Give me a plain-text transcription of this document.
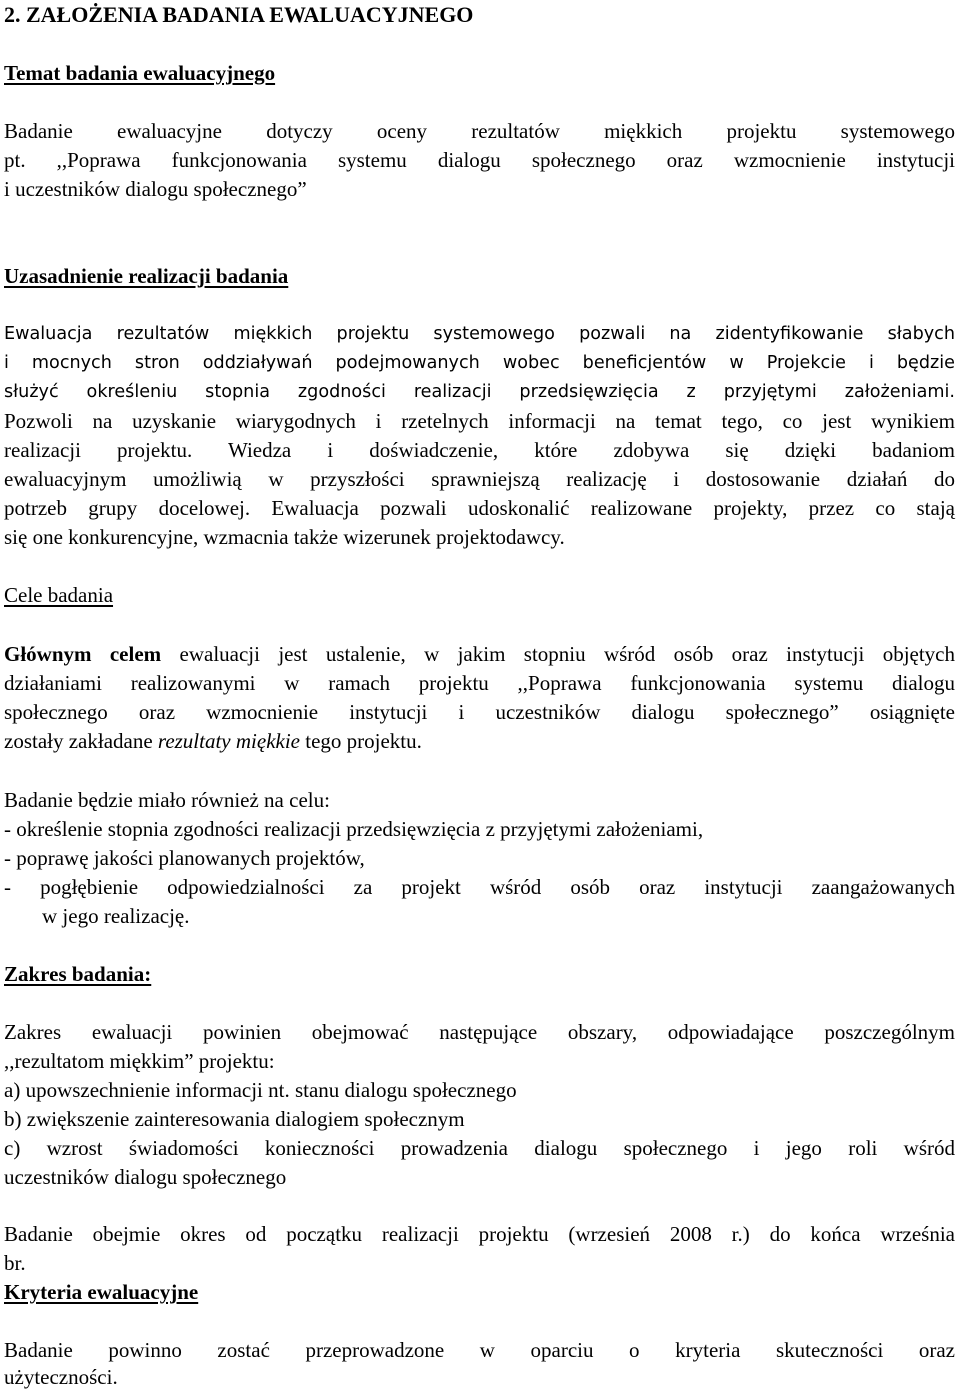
2. ZAŁOŻENIA BADANIA EWALUACYJNEGO
Temat badania ewaluacyjnego
Badanie ewaluacyjne dotyczy oceny rezultatów miękkich projektu systemowego
pt. ,,Poprawa funkcjonowania systemu dialogu społecznego oraz wzmocnienie instytucji
i uczestników dialogu społecznego”
Uzasadnienie realizacji badania
Ewaluacja rezultatów miękkich projektu systemowego pozwali na zidentyfikowanie słabych
i mocnych stron oddziaływań podejmowanych wobec beneficjentów w Projekcie i będzie
służyć określeniu stopnia zgodności realizacji przedsięwzięcia z przyjętymi założeniami.
Pozwoli na uzyskanie wiarygodnych i rzetelnych informacji na temat tego, co jest wynikiem
realizacji projektu. Wiedza i doświadczenie, które zdobywa się dzięki badaniom
ewaluacyjnym umożliwią w przyszłości sprawniejszą realizację i dostosowanie działań do
potrzeb grupy docelowej. Ewaluacja pozwali udoskonalić realizowane projekty, przez co stają
się one konkurencyjne, wzmacnia także wizerunek projektodawcy.
Cele badania
Głównym celem ewaluacji jest ustalenie, w jakim stopniu wśród osób oraz instytucji objętych
działaniami realizowanymi w ramach projektu ,,Poprawa funkcjonowania systemu dialogu
społecznego oraz wzmocnienie instytucji i uczestników dialogu społecznego” osiągnięte
zostały zakładane rezultaty miękkie tego projektu.
Badanie będzie miało również na celu:
- określenie stopnia zgodności realizacji przedsięwzięcia z przyjętymi założeniami,
- poprawę jakości planowanych projektów,
- pogłębienie odpowiedzialności za projekt wśród osób oraz instytucji zaangażowanych
w jego realizację.
Zakres badania:
Zakres ewaluacji powinien obejmować następujące obszary, odpowiadające poszczególnym
,,rezultatom miękkim” projektu:
a) upowszechnienie informacji nt. stanu dialogu społecznego
b) zwiększenie zainteresowania dialogiem społecznym
c) wzrost świadomości konieczności prowadzenia dialogu społecznego i jego roli wśród
uczestników dialogu społecznego
Badanie obejmie okres od początku realizacji projektu (wrzesień 2008 r.) do końca września
br.
Kryteria ewaluacyjne
Badanie powinno zostać przeprowadzone w oparciu o kryteria skuteczności oraz
użyteczności.
